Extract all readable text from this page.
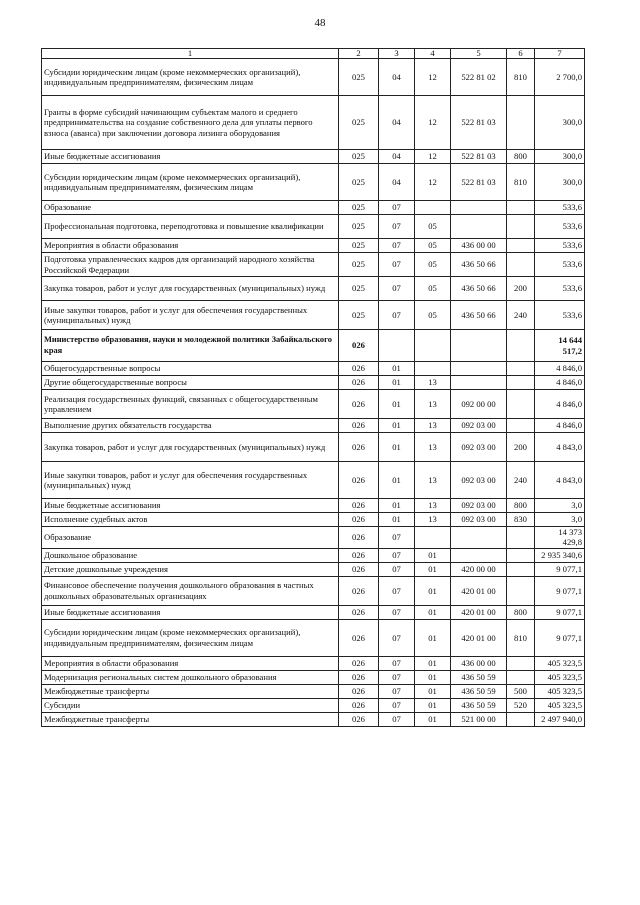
48
1	2	3	4	5	6	7
Субсидии юридическим лицам (кроме некоммерческих организаций), индивидуальным предпринимателям, физическим лицам	025	04	12	522 81 02	810	2 700,0
Гранты в форме субсидий начинающим субъектам малого и среднего предпринимательства на создание собственного дела для уплаты первого взноса (аванса) при заключении договора лизинга оборудования	025	04	12	522 81 03		300,0
Иные бюджетные ассигнования	025	04	12	522 81 03	800	300,0
Субсидии юридическим лицам (кроме некоммерческих организаций), индивидуальным предпринимателям, физическим лицам	025	04	12	522 81 03	810	300,0
Образование	025	07				533,6
Профессиональная подготовка, переподготовка и повышение квалификации	025	07	05			533,6
Мероприятия в области образования	025	07	05	436 00 00		533,6
Подготовка управленческих кадров для организаций народного хозяйства Российской Федерации	025	07	05	436 50 66		533,6
Закупка товаров, работ и услуг для государственных (муниципальных) нужд	025	07	05	436 50 66	200	533,6
Иные закупки товаров, работ и услуг для обеспечения государственных (муниципальных) нужд	025	07	05	436 50 66	240	533,6
Министерство образования, науки и молодежной политики Забайкальского края	026					14 644 517,2
Общегосударственные вопросы	026	01				4 846,0
Другие общегосударственные вопросы	026	01	13			4 846,0
Реализация государственных функций, связанных с общегосударственным управлением	026	01	13	092 00 00		4 846,0
Выполнение других обязательств государства	026	01	13	092 03 00		4 846,0
Закупка товаров, работ и услуг для государственных (муниципальных) нужд	026	01	13	092 03 00	200	4 843,0
Иные закупки товаров, работ и услуг для обеспечения государственных (муниципальных) нужд	026	01	13	092 03 00	240	4 843,0
Иные бюджетные ассигнования	026	01	13	092 03 00	800	3,0
Исполнение судебных актов	026	01	13	092 03 00	830	3,0
Образование	026	07				14 373 429,8
Дошкольное образование	026	07	01			2 935 340,6
Детские дошкольные учреждения	026	07	01	420 00 00		9 077,1
Финансовое обеспечение получения дошкольного образования в частных дошкольных образовательных организациях	026	07	01	420 01 00		9 077,1
Иные бюджетные ассигнования	026	07	01	420 01 00	800	9 077,1
Субсидии юридическим лицам (кроме некоммерческих организаций), индивидуальным предпринимателям, физическим лицам	026	07	01	420 01 00	810	9 077,1
Мероприятия в области образования	026	07	01	436 00 00		405 323,5
Модернизация региональных систем дошкольного образования	026	07	01	436 50 59		405 323,5
Межбюджетные трансферты	026	07	01	436 50 59	500	405 323,5
Субсидии	026	07	01	436 50 59	520	405 323,5
Межбюджетные трансферты	026	07	01	521 00 00		2 497 940,0
